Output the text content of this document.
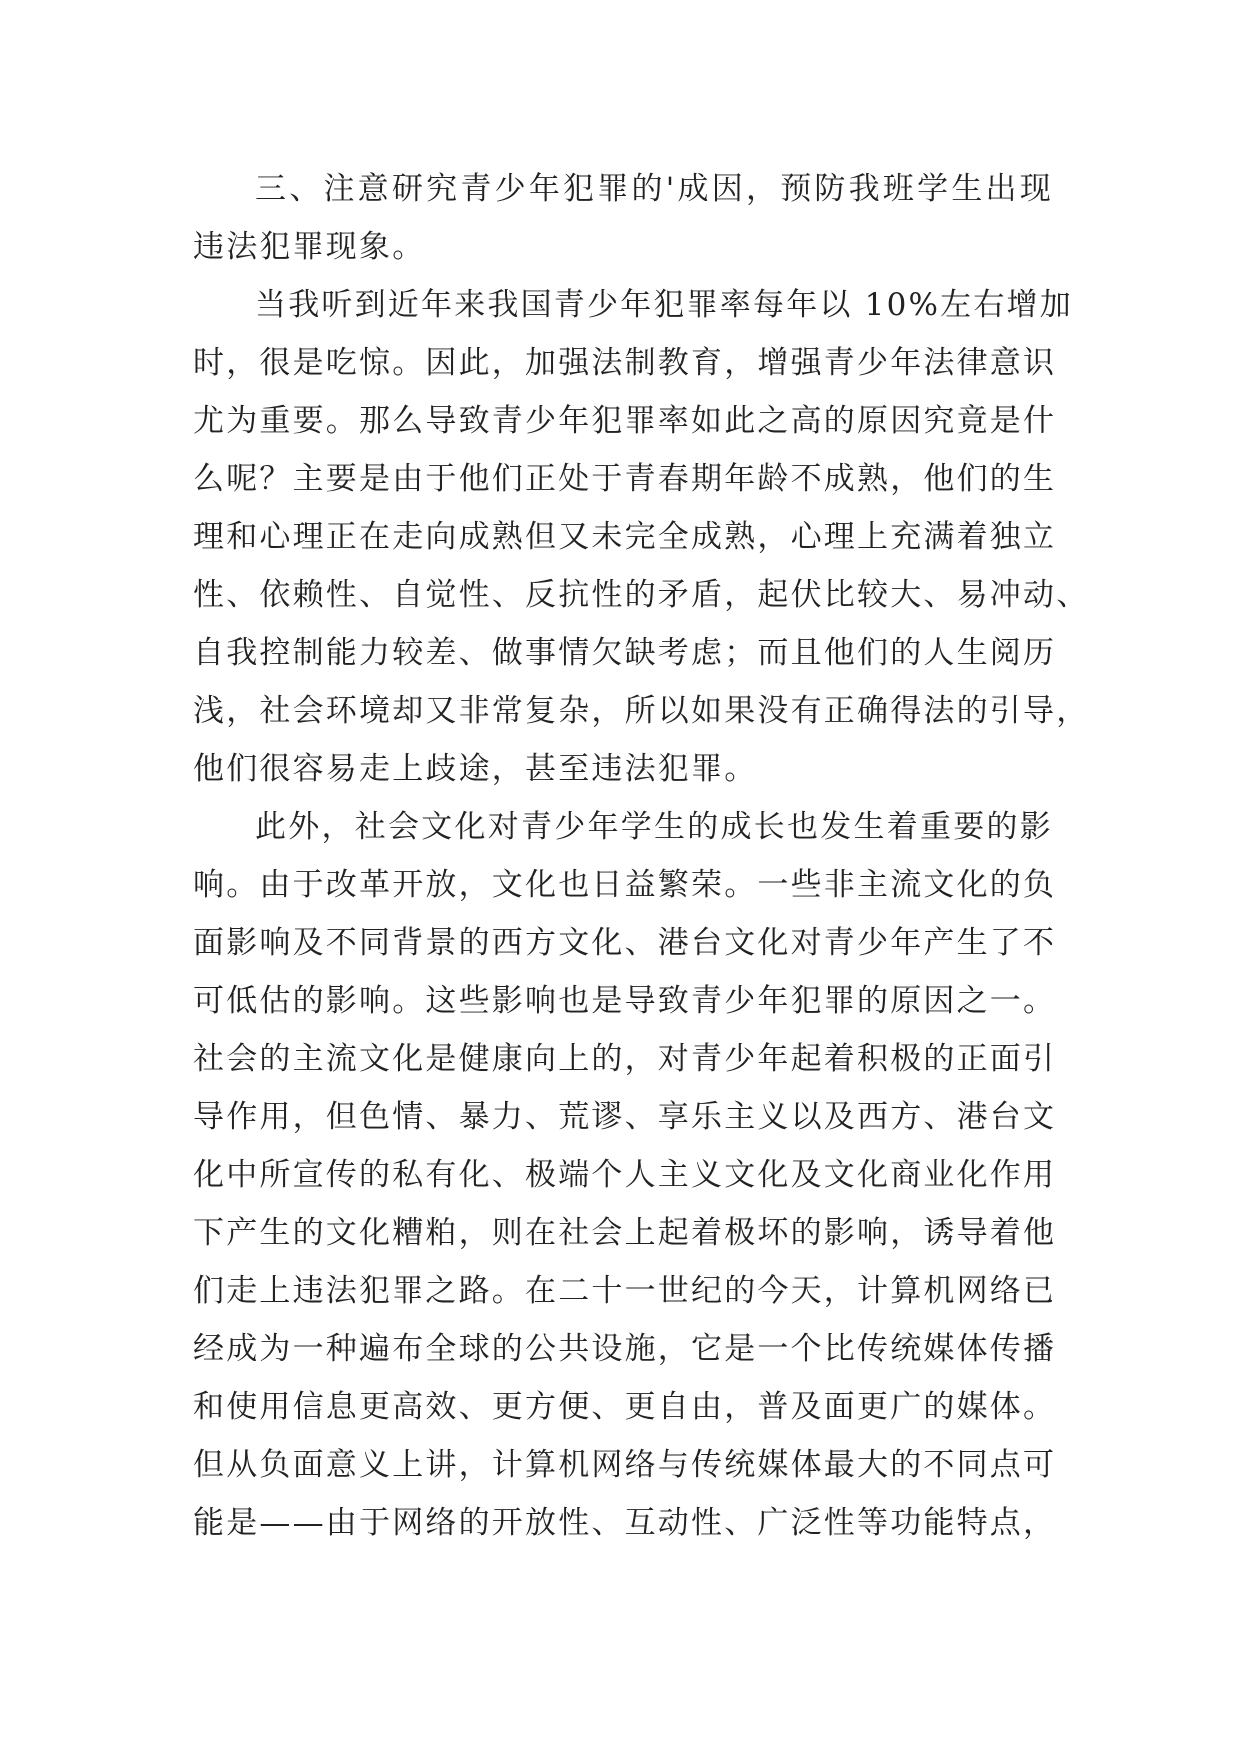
三、注意研究青少年犯罪的'成因，预防我班学生出现
违法犯罪现象。
当我听到近年来我国青少年犯罪率每年以 10%左右增加
时，很是吃惊。因此，加强法制教育，增强青少年法律意识
尤为重要。那么导致青少年犯罪率如此之高的原因究竟是什
么呢？主要是由于他们正处于青春期年龄不成熟，他们的生
理和心理正在走向成熟但又未完全成熟，心理上充满着独立
性、依赖性、自觉性、反抗性的矛盾，起伏比较大、易冲动、
自我控制能力较差、做事情欠缺考虑；而且他们的人生阅历
浅，社会环境却又非常复杂，所以如果没有正确得法的引导，
他们很容易走上歧途，甚至违法犯罪。
此外，社会文化对青少年学生的成长也发生着重要的影
响。由于改革开放，文化也日益繁荣。一些非主流文化的负
面影响及不同背景的西方文化、港台文化对青少年产生了不
可低估的影响。这些影响也是导致青少年犯罪的原因之一。
社会的主流文化是健康向上的，对青少年起着积极的正面引
导作用，但色情、暴力、荒谬、享乐主义以及西方、港台文
化中所宣传的私有化、极端个人主义文化及文化商业化作用
下产生的文化糟粕，则在社会上起着极坏的影响，诱导着他
们走上违法犯罪之路。在二十一世纪的今天，计算机网络已
经成为一种遍布全球的公共设施，它是一个比传统媒体传播
和使用信息更高效、更方便、更自由，普及面更广的媒体。
但从负面意义上讲，计算机网络与传统媒体最大的不同点可
能是——由于网络的开放性、互动性、广泛性等功能特点，
